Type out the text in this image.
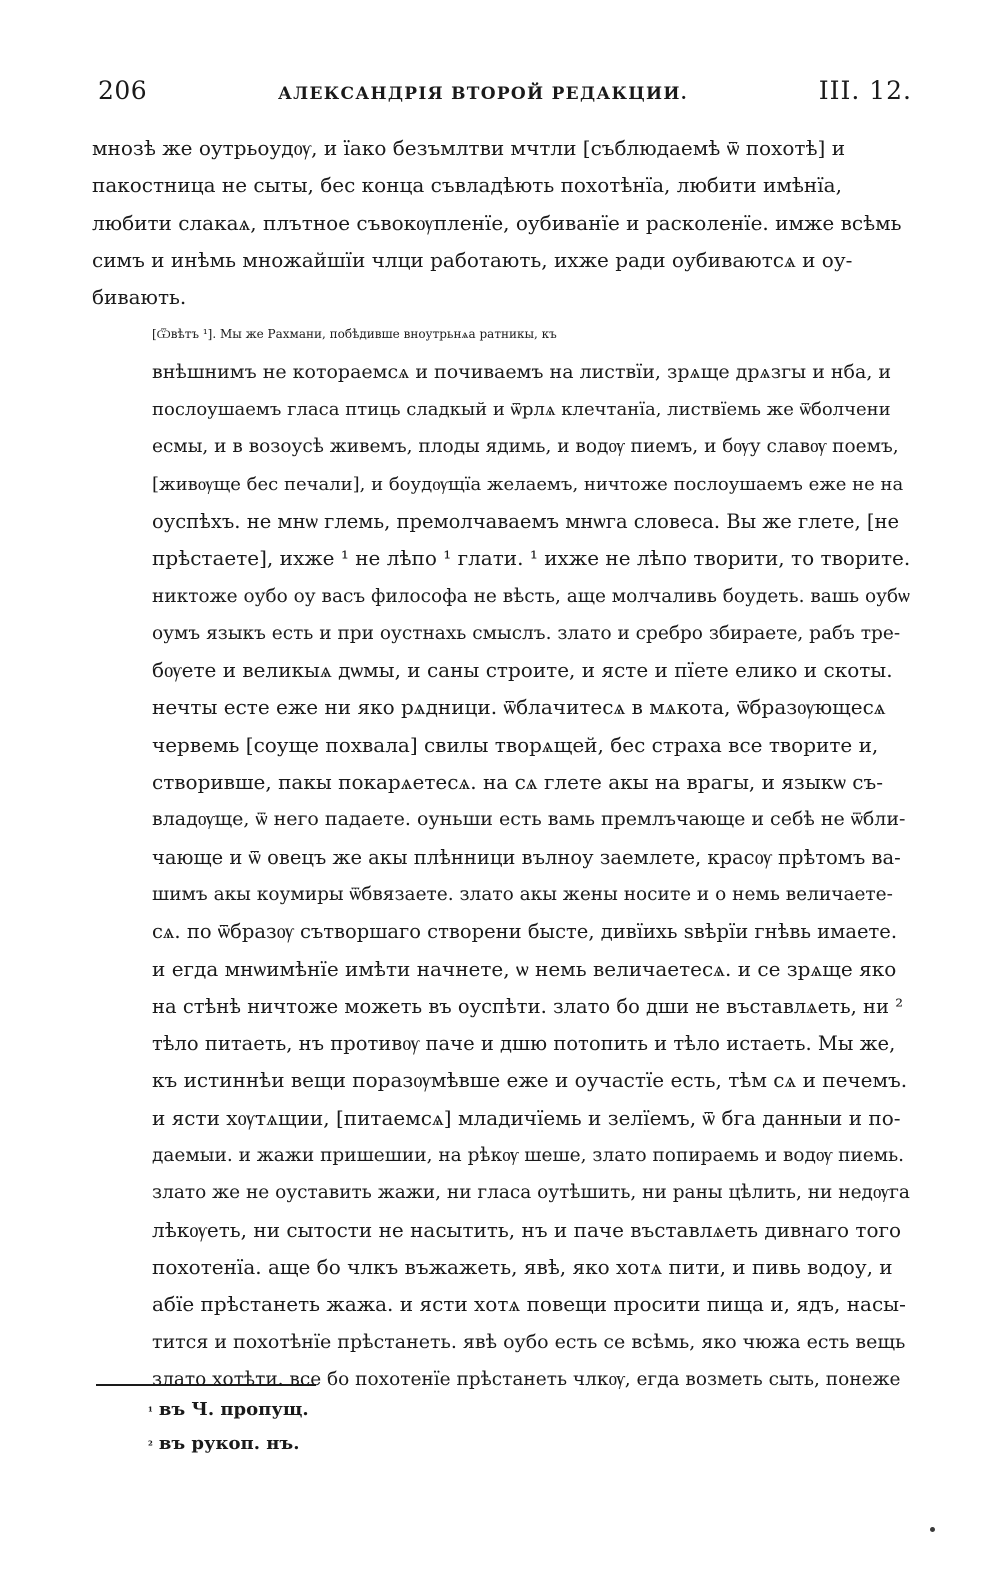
206	АЛЕКСАНДРІЯ ВТОРОЙ РЕДАКЦИИ.	III. 12.
мнозѣ же оутрьоудѹ, и їако безъмлтви мчтли [съблюдаемѣ ѿ похотѣ] и
пакостница не сыты, бес конца съвладѣють похотѣнїа, любити имѣнїа,
любити слакаѧ, плътное съвокѹпленїе, оубиванїе и расколенїе. имже всѣмь
симъ и инѣмь множайшїи члци работають, ихже ради оубиваютсѧ и оу-
бивають.
[Ѿвѣтъ ¹]. Мы же Рахмани, побѣдивше вноутрьнѧа ратникы, къ
внѣшнимъ не котораемсѧ и почиваемъ на листвїи, зрѧще дрѧзгы и нба, и
послоушаемъ гласа птиць сладкый и ѿрлѧ клечтанїа, листвїемь же ѿболчени
есмы, и в возоусѣ живемъ, плоды ядимь, и водѹ пиемъ, и бѹу славѹ поемъ,
[живѹще бес печали], и боудѹщїа желаемъ, ничтоже послоушаемъ еже не на
оуспѣхъ. не мнѡ глемь, премолчаваемъ мнѡга словеса. Вы же глете, [не
прѣстаете], ихже ¹ не лѣпо ¹ глати. ¹ ихже не лѣпо творити, то творите.
никтоже оубо оу васъ философа не вѣсть, аще молчаливь боудеть. вашь оубѡ
оумъ языкъ есть и при оустнахь смыслъ. злато и сребро збираете, рабъ тре-
бѹете и великыѧ дѡмы, и саны строите, и ясте и пїете елико и скоты.
нечты есте еже ни яко рѧдници. ѿблачитесѧ в мѧкота, ѿбразѹющесѧ
червемь [соуще похвала] свилы творѧщей, бес страха все творите и,
створивше, пакы покарѧетесѧ. на сѧ глете акы на врагы, и языкѡ съ-
владѹще, ѿ него падаете. оуньши есть вамь премлъчающе и себѣ не ѿбли-
чающе и ѿ овецъ же акы плѣнници вълноу заемлете, красѹ прѣтомъ ва-
шимъ акы коумиры ѿбвязаете. злато акы жены носите и о немь величаетe-
сѧ. по ѿбразѹ сътворшаго створени бысте, дивїихь ѕвѣрїи гнѣвь имаете.
и егда мнѡимѣнїе имѣти начнете, ѡ немь величаетесѧ. и се зрѧще яко
на стѣнѣ ничтоже можеть въ оуспѣти. злато бо дши не въставлѧеть, ни ²
тѣло питаеть, нъ противѹ паче и дшю потопить и тѣло истаеть. Мы же,
къ истиннѣи вещи поразѹмѣвше еже и оучастїе есть, тѣм сѧ и печемъ.
и ясти хѹтѧщии, [питаемсѧ] младичїемь и зелїемъ, ѿ бга данныи и по-
даемыи. и жажи пришешии, на рѣкѹ шешe, злато попираемь и водѹ пиемь.
злато же не оуставить жажи, ни гласа оутѣшить, ни раны цѣлить, ни недѹга
лѣкѹеть, ни сытости не насытить, нъ и паче въставлѧеть дивнаго того
похотенїа. аще бо члкъ въжажеть, явѣ, яко хотѧ пити, и пивь водоу, и
абїе прѣстанеть жажа. и ясти хотѧ повещи просити пища и, ядъ, насы-
тится и похотѣнїе прѣстанеть. явѣ оубо есть се всѣмь, яко чюжа есть вещь
злато хотѣти. все бо похотенїе прѣстанеть члкѹ, егда возметь сыть, понеже
¹ въ Ч. пропущ.
² въ рукоп. нъ.
